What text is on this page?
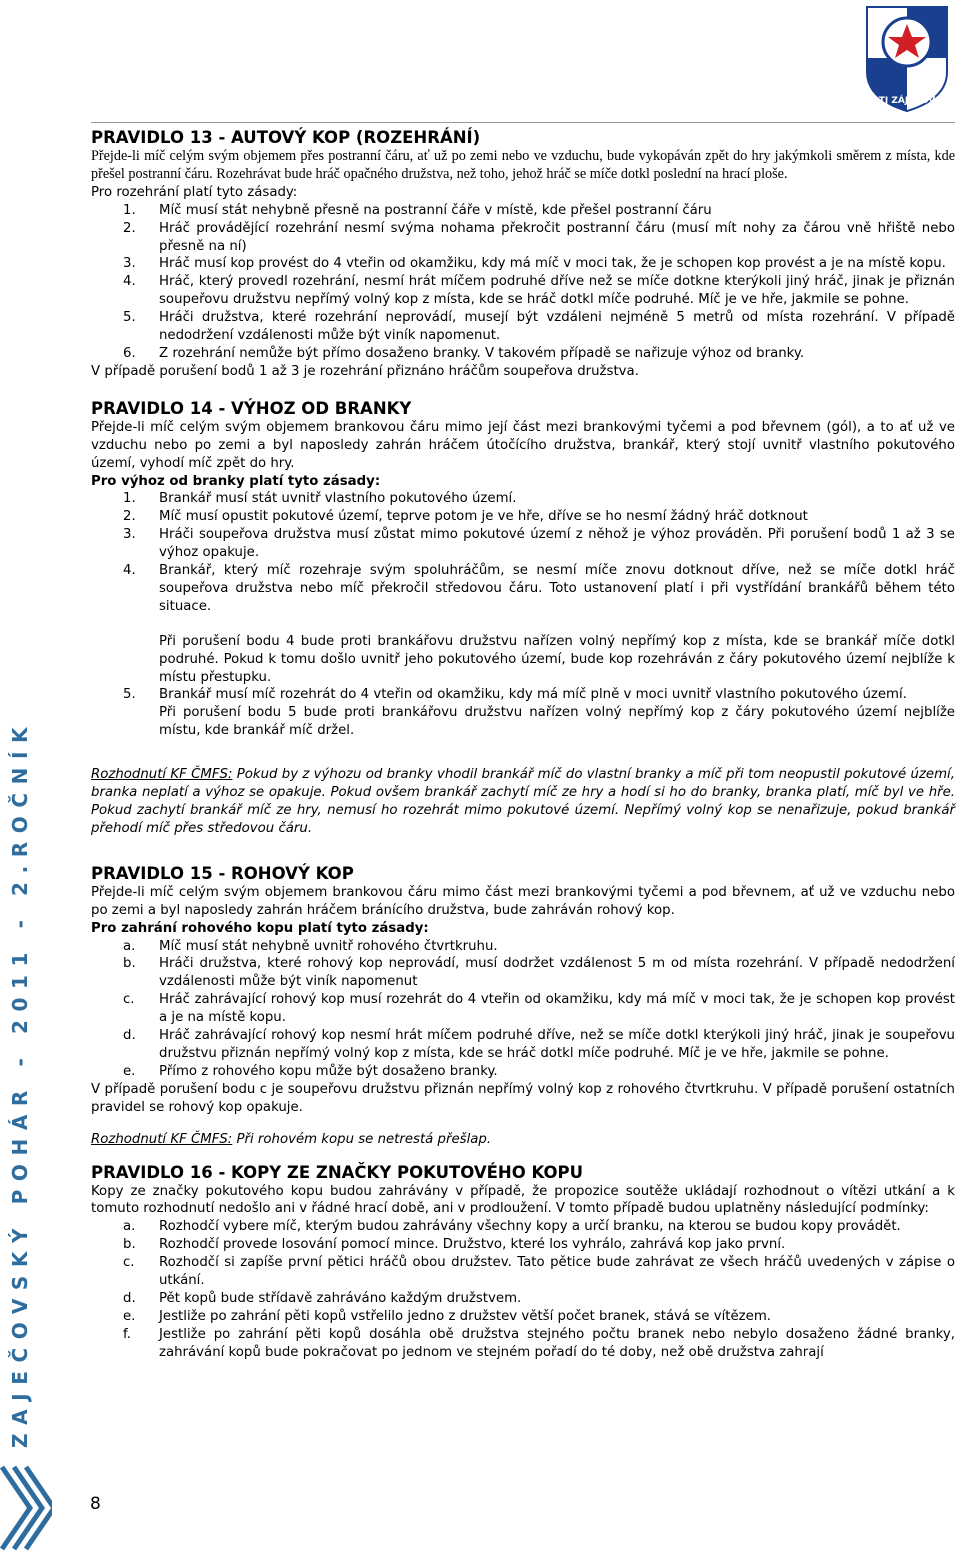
TJ ZÁJEČOV
ZAJEČOVSKÝ POHÁR - 2011 - 2.ROČNÍK
8

PRAVIDLO 13 - AUTOVÝ KOP (ROZEHRÁNÍ)

Přejde-li míč celým svým objemem přes postranní čáru, ať už po zemi nebo ve vzduchu, bude vykopáván zpět do hry jakýmkoli směrem z místa, kde přešel postranní čáru. Rozehrávat bude hráč opačného družstva, než toho, jehož hráč se míče dotkl poslední na hrací ploše.

Pro rozehrání platí tyto zásady:

1.	Míč musí stát nehybně přesně na postranní čáře v místě, kde přešel postranní čáru
2.	Hráč provádějící rozehrání nesmí svýma nohama překročit postranní čáru (musí mít nohy za čárou vně hřiště nebo přesně na ní)
3.	Hráč musí kop provést do 4 vteřin od okamžiku, kdy má míč v moci tak, že je schopen kop provést a je na místě kopu.
4.	Hráč, který provedl rozehrání, nesmí hrát míčem podruhé dříve než se míče dotkne kterýkoli jiný hráč, jinak je přiznán soupeřovu družstvu nepřímý volný kop z místa, kde se hráč dotkl míče podruhé. Míč je ve hře, jakmile se pohne.
5.	Hráči družstva, které rozehrání neprovádí, musejí být vzdáleni nejméně 5 metrů od místa rozehrání. V případě nedodržení vzdálenosti může být viník napomenut.
6.	Z rozehrání nemůže být přímo dosaženo branky. V takovém případě se nařizuje výhoz od branky.

V případě porušení bodů 1 až 3 je rozehrání přiznáno hráčům soupeřova družstva.

PRAVIDLO 14 - VÝHOZ OD BRANKY

Přejde-li míč celým svým objemem brankovou čáru mimo její část mezi brankovými tyčemi a pod břevnem (gól), a to ať už ve vzduchu nebo po zemi a byl naposledy zahrán hráčem útočícího družstva, brankář, který stojí uvnitř vlastního pokutového území, vyhodí míč zpět do hry.

Pro výhoz od branky platí tyto zásady:

1.	Brankář musí stát uvnitř vlastního pokutového území.
2.	Míč musí opustit pokutové území, teprve potom je ve hře, dříve se ho nesmí žádný hráč dotknout
3.	Hráči soupeřova družstva musí zůstat mimo pokutové území z něhož je výhoz prováděn. Při porušení bodů 1 až 3 se výhoz opakuje.
4.	Brankář, který míč rozehraje svým spoluhráčům, se nesmí míče znovu dotknout dříve, než se míče dotkl hráč soupeřova družstva nebo míč překročil středovou čáru. Toto ustanovení platí i při vystřídání brankářů během této situace.

Při porušení bodu 4 bude proti brankářovu družstvu nařízen volný nepřímý kop z místa, kde se brankář míče dotkl podruhé. Pokud k tomu došlo uvnitř jeho pokutového území, bude kop rozehráván z čáry pokutového území nejblíže k místu přestupku.

5.	Brankář musí míč rozehrát do 4 vteřin od okamžiku, kdy má míč plně v moci uvnitř vlastního pokutového území.

Při porušení bodu 5 bude proti brankářovu družstvu nařízen volný nepřímý kop z čáry pokutového území nejblíže místu, kde brankář míč držel.

Rozhodnutí KF ČMFS: Pokud by z výhozu od branky vhodil brankář míč do vlastní branky a míč při tom neopustil pokutové území, branka neplatí a výhoz se opakuje. Pokud ovšem brankář zachytí míč ze hry a hodí si ho do branky, branka platí, míč byl ve hře. Pokud zachytí brankář míč ze hry, nemusí ho rozehrát mimo pokutové území. Nepřímý volný kop se nenařizuje, pokud brankář přehodí míč přes středovou čáru.

PRAVIDLO 15 - ROHOVÝ KOP

Přejde-li míč celým svým objemem brankovou čáru mimo část mezi brankovými tyčemi a pod břevnem, ať už ve vzduchu nebo po zemi a byl naposledy zahrán hráčem bránícího družstva, bude zahráván rohový kop.

Pro zahrání rohového kopu platí tyto zásady:

a.	Míč musí stát nehybně uvnitř rohového čtvrtkruhu.
b.	Hráči družstva, které rohový kop neprovádí, musí dodržet vzdálenost 5 m od místa rozehrání. V případě nedodržení vzdálenosti může být viník napomenut
c.	Hráč zahrávající rohový kop musí rozehrát do 4 vteřin od okamžiku, kdy má míč v moci tak, že je schopen kop provést a je na místě kopu.
d.	Hráč zahrávající rohový kop nesmí hrát míčem podruhé dříve, než se míče dotkl kterýkoli jiný hráč, jinak je soupeřovu družstvu přiznán nepřímý volný kop z místa, kde se hráč dotkl míče podruhé. Míč je ve hře, jakmile se pohne.
e.	Přímo z rohového kopu může být dosaženo branky.

V případě porušení bodu c je soupeřovu družstvu přiznán nepřímý volný kop z rohového čtvrtkruhu. V případě porušení ostatních pravidel se rohový kop opakuje.

Rozhodnutí KF ČMFS: Při rohovém kopu se netrestá přešlap.

PRAVIDLO 16 - KOPY ZE ZNAČKY POKUTOVÉHO KOPU

Kopy ze značky pokutového kopu budou zahrávány v případě, že propozice soutěže ukládají rozhodnout o vítězi utkání a k tomuto rozhodnutí nedošlo ani v řádné hrací době, ani v prodloužení. V tomto případě budou uplatněny následující podmínky:

a.	Rozhodčí vybere míč, kterým budou zahrávány všechny kopy a určí branku, na kterou se budou kopy provádět.
b.	Rozhodčí provede losování pomocí mince. Družstvo, které los vyhrálo, zahrává kop jako první.
c.	Rozhodčí si zapíše první pětici hráčů obou družstev. Tato pětice bude zahrávat ze všech hráčů uvedených v zápise o utkání.
d.	Pět kopů bude střídavě zahráváno každým družstvem.
e.	Jestliže po zahrání pěti kopů vstřelilo jedno z družstev větší počet branek, stává se vítězem.
f.	Jestliže po zahrání pěti kopů dosáhla obě družstva stejného počtu branek nebo nebylo dosaženo žádné branky, zahrávání kopů bude pokračovat po jednom ve stejném pořadí do té doby, než obě družstva zahrají
